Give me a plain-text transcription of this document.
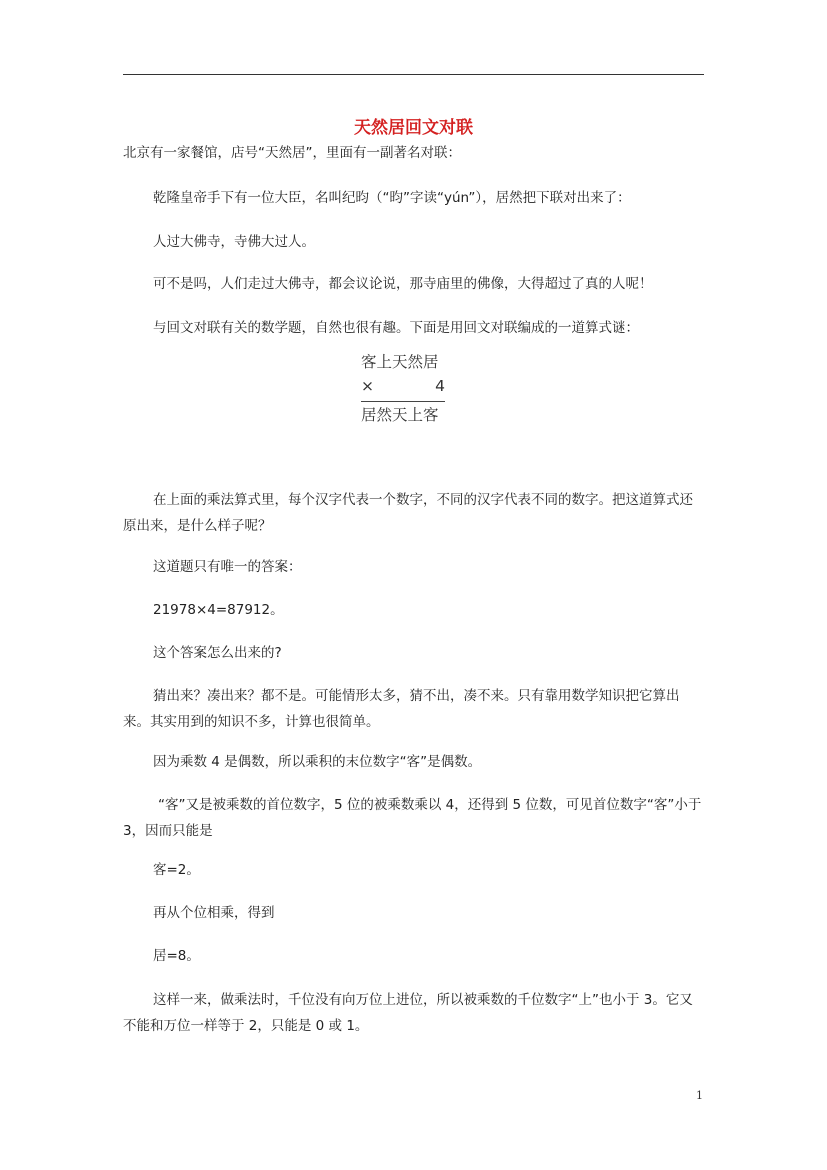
天然居回文对联
北京有一家餐馆，店号“天然居”，里面有一副著名对联：
乾隆皇帝手下有一位大臣，名叫纪昀（“昀”字读“yún”），居然把下联对出来了：
人过大佛寺，寺佛大过人。
可不是吗，人们走过大佛寺，都会议论说，那寺庙里的佛像，大得超过了真的人呢！
与回文对联有关的数学题，自然也很有趣。下面是用回文对联编成的一道算式谜：
客上天然居
×	4
居然天上客
在上面的乘法算式里，每个汉字代表一个数字，不同的汉字代表不同的数字。把这道算式还原出来，是什么样子呢？
这道题只有唯一的答案：
21978×4=87912。
这个答案怎么出来的?
猜出来？凑出来？都不是。可能情形太多，猜不出，凑不来。只有靠用数学知识把它算出来。其实用到的知识不多，计算也很简单。
因为乘数 4 是偶数，所以乘积的末位数字“客”是偶数。
“客”又是被乘数的首位数字，5 位的被乘数乘以 4，还得到 5 位数，可见首位数字“客”小于 3，因而只能是
客=2。
再从个位相乘，得到
居=8。
这样一来，做乘法时，千位没有向万位上进位，所以被乘数的千位数字“上”也小于 3。它又不能和万位一样等于 2，只能是 0 或 1。
1
